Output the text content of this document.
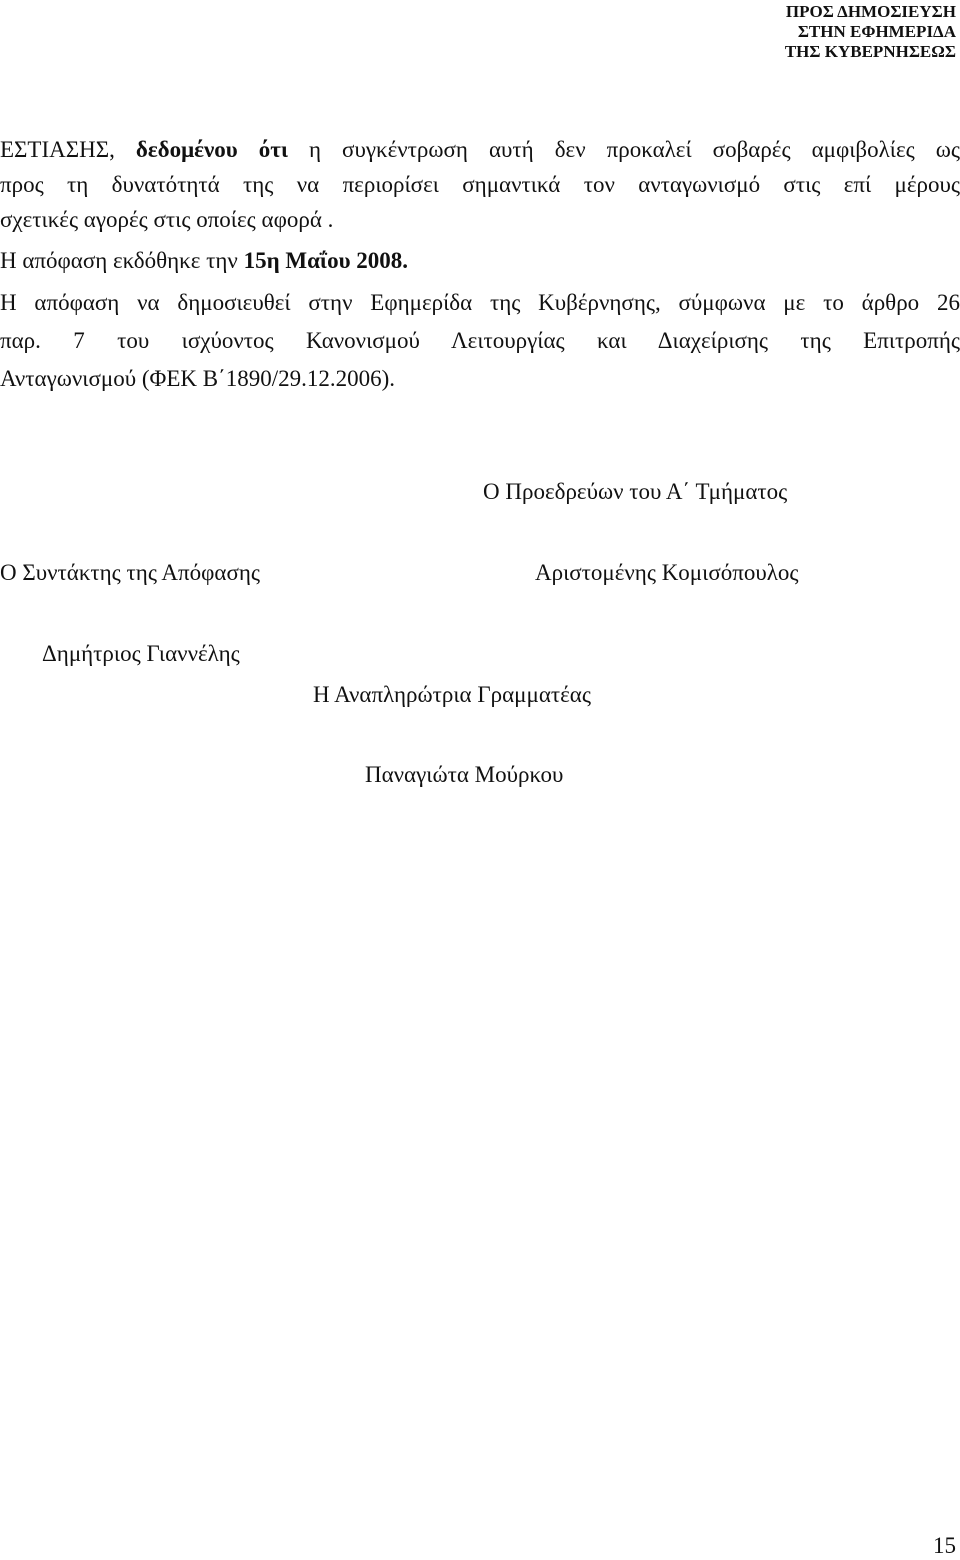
ΠΡΟΣ ΔΗΜΟΣΙΕΥΣΗ
ΣΤΗΝ ΕΦΗΜΕΡΙΔΑ
ΤΗΣ ΚΥΒΕΡΝΗΣΕΩΣ
ΕΣΤΙΑΣΗΣ, δεδομένου ότι η συγκέντρωση αυτή δεν προκαλεί σοβαρές αμφιβολίες ως
προς τη δυνατότητά της να περιορίσει σημαντικά τον ανταγωνισμό στις επί μέρους
σχετικές αγορές στις οποίες αφορά .
Η απόφαση εκδόθηκε την 15η Μαΐου 2008.
Η απόφαση να δημοσιευθεί στην Εφημερίδα της Κυβέρνησης, σύμφωνα με το άρθρο 26
παρ. 7 του ισχύοντος Κανονισμού Λειτουργίας και Διαχείρισης της Επιτροπής
Ανταγωνισμού (ΦΕΚ Β΄1890/29.12.2006).
Ο Προεδρεύων του Α΄ Τμήματος
Ο Συντάκτης της Απόφασης	Αριστομένης Κομισόπουλος
Δημήτριος Γιαννέλης
Η Αναπληρώτρια Γραμματέας
Παναγιώτα Μούρκου
15
